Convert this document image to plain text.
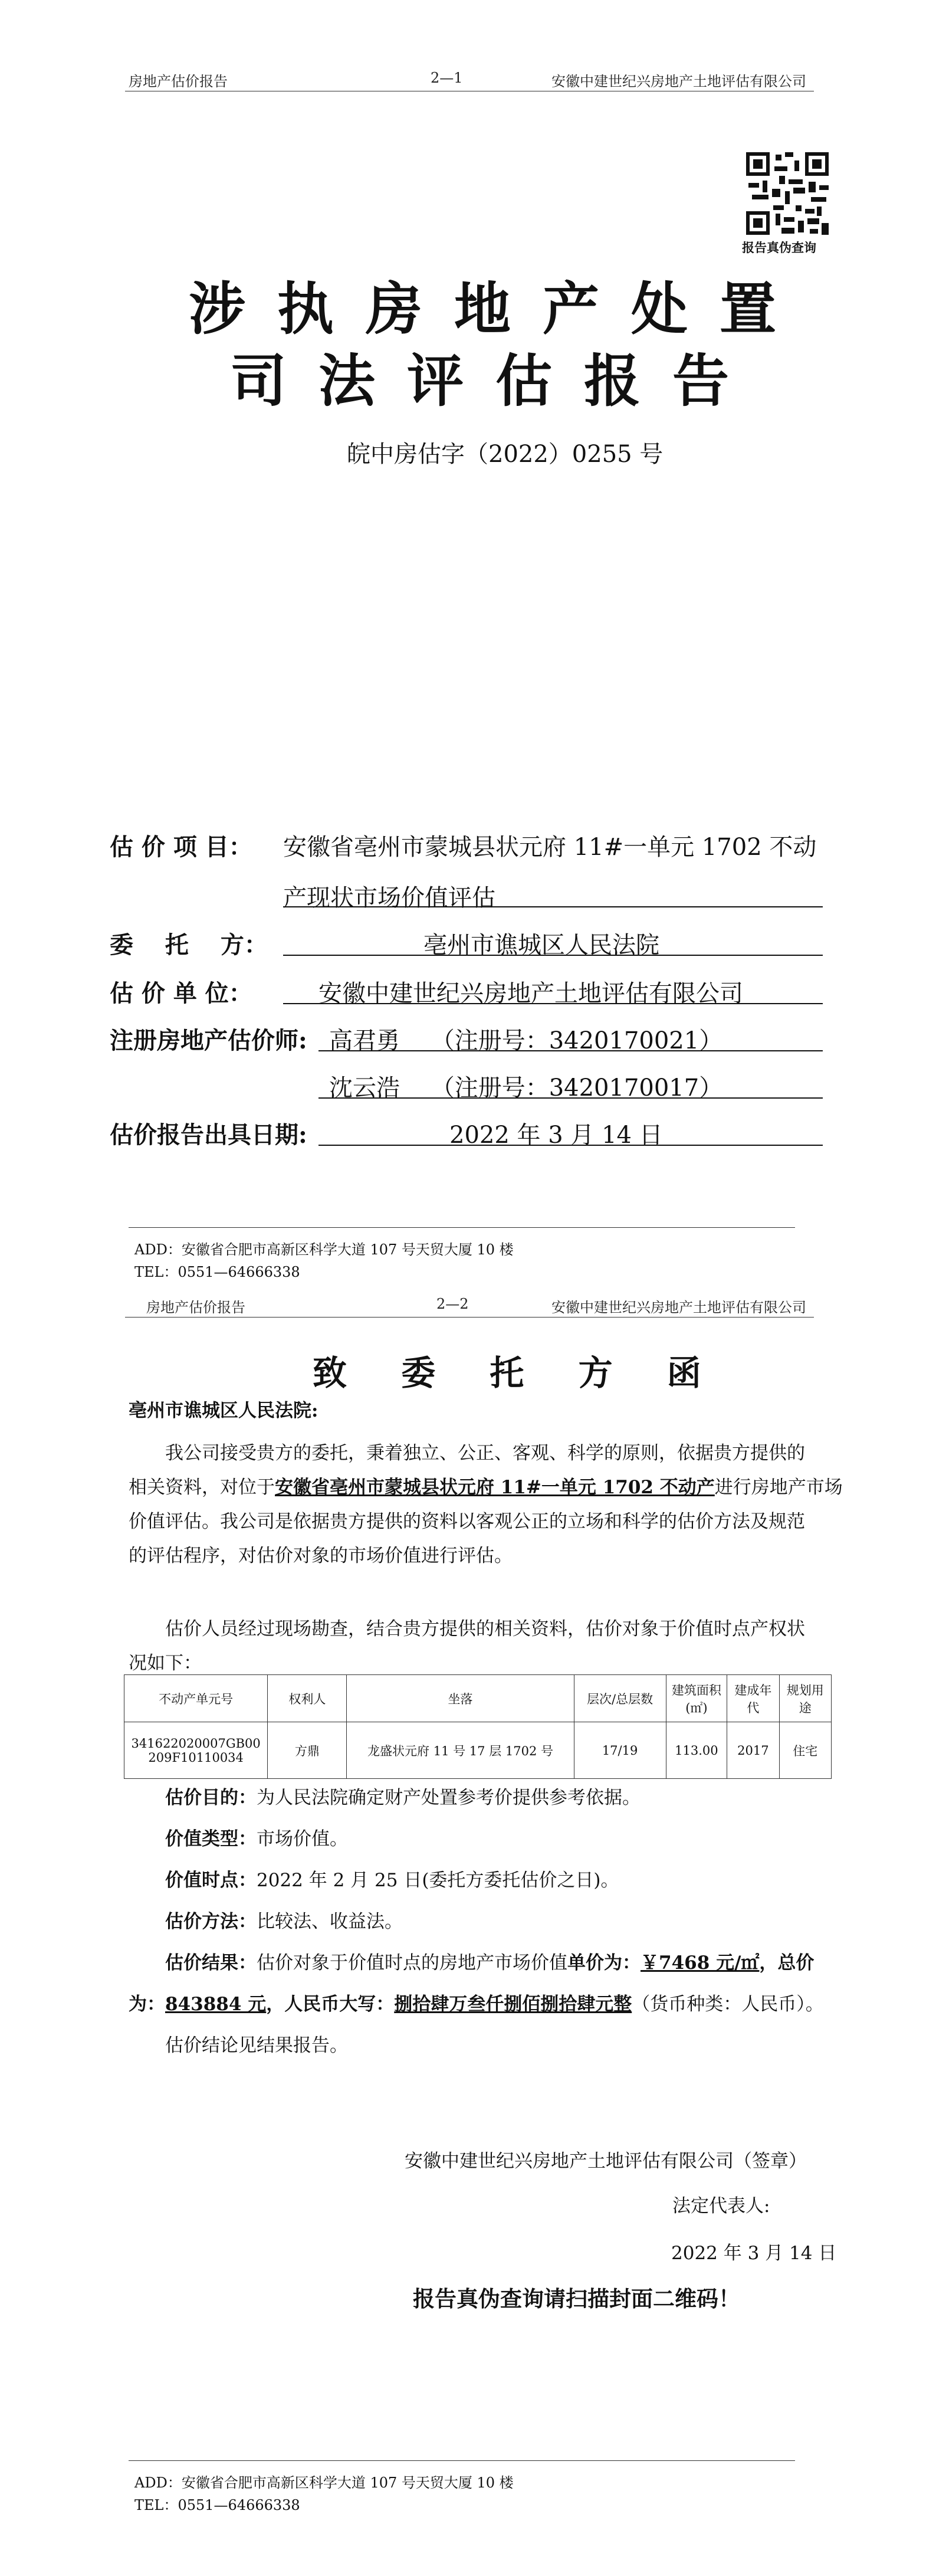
房地产估价报告	2—1	安徽中建世纪兴房地产土地评估有限公司
报告真伪查询
涉执房地产处置
司法评估报告
皖中房估字（2022）0255 号
估 价 项 目： 安徽省亳州市蒙城县状元府 11#一单元 1702 不动
产现状市场价值评估
委　 托　 方：	亳州市谯城区人民法院
估 价 单 位：	安徽中建世纪兴房地产土地评估有限公司
注册房地产估价师: 高君勇　 （注册号：3420170021）
沈云浩　 （注册号：3420170017）
估价报告出具日期:	2022 年 3 月 14 日
ADD：安徽省合肥市高新区科学大道 107 号天贸大厦 10 楼
TEL：0551—64666338
房地产估价报告	2—2	安徽中建世纪兴房地产土地评估有限公司
致 委 托 方 函
亳州市谯城区人民法院:
我公司接受贵方的委托，秉着独立、公正、客观、科学的原则，依据贵方提供的
相关资料，对位于安徽省亳州市蒙城县状元府 11#一单元 1702 不动产进行房地产市场
价值评估。我公司是依据贵方提供的资料以客观公正的立场和科学的估价方法及规范
的评估程序，对估价对象的市场价值进行评估。
估价人员经过现场勘查，结合贵方提供的相关资料，估价对象于价值时点产权状
况如下：
不动产单元号	权利人	坐落	层次/总层数	建筑面积(㎡)	建成年代	规划用途
341622020007GB00209F10110034	方鼎	龙盛状元府 11 号 17 层 1702 号	17/19	113.00	2017	住宅
估价目的：为人民法院确定财产处置参考价提供参考依据。
价值类型：市场价值。
价值时点：2022 年 2 月 25 日(委托方委托估价之日)。
估价方法：比较法、收益法。
估价结果：估价对象于价值时点的房地产市场价值单价为：￥7468 元/㎡，总价
为：843884 元，人民币大写：捌拾肆万叁仟捌佰捌拾肆元整（货币种类：人民币）。
估价结论见结果报告。
安徽中建世纪兴房地产土地评估有限公司（签章）
法定代表人:
2022 年 3 月 14 日
报告真伪查询请扫描封面二维码！
ADD：安徽省合肥市高新区科学大道 107 号天贸大厦 10 楼
TEL：0551—64666338
